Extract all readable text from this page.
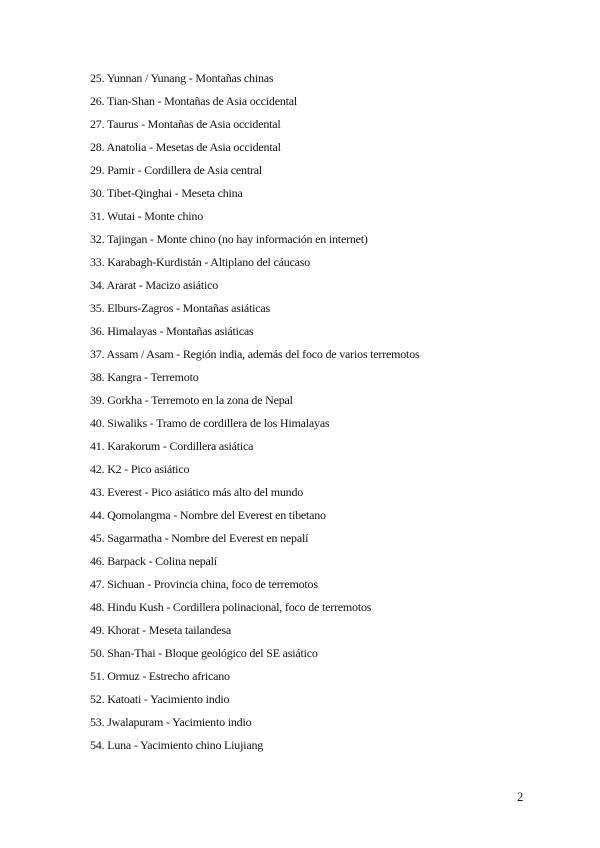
25. Yunnan / Yunang - Montañas chinas
26. Tian-Shan - Montañas de Asia occidental
27. Taurus - Montañas de Asia occidental
28. Anatolia - Mesetas de Asia occidental
29. Pamir - Cordillera de Asia central
30. Tibet-Qinghai - Meseta china
31. Wutai - Monte chino
32. Tajingan - Monte chino (no hay información en internet)
33. Karabagh-Kurdistán - Altiplano del cáucaso
34. Ararat - Macizo asiático
35. Elburs-Zagros - Montañas asiáticas
36. Himalayas - Montañas asiáticas
37. Assam / Asam - Región india, además del foco de varios terremotos
38. Kangra - Terremoto
39. Gorkha - Terremoto en la zona de Nepal
40. Siwaliks - Tramo de cordillera de los Himalayas
41. Karakorum - Cordillera asiática
42. K2 - Pico asiático
43. Everest - Pico asiático más alto del mundo
44. Qomolangma - Nombre del Everest en tibetano
45. Sagarmatha - Nombre del Everest en nepalí
46. Barpack - Colina nepalí
47. Sichuan - Provincia china, foco de terremotos
48. Hindu Kush - Cordillera polinacional, foco de terremotos
49. Khorat - Meseta tailandesa
50. Shan-Thai - Bloque geológico del SE asiático
51. Ormuz - Estrecho africano
52. Katoati - Yacimiento indio
53. Jwalapuram - Yacimiento indio
54. Luna - Yacimiento chino Liujiang
2
